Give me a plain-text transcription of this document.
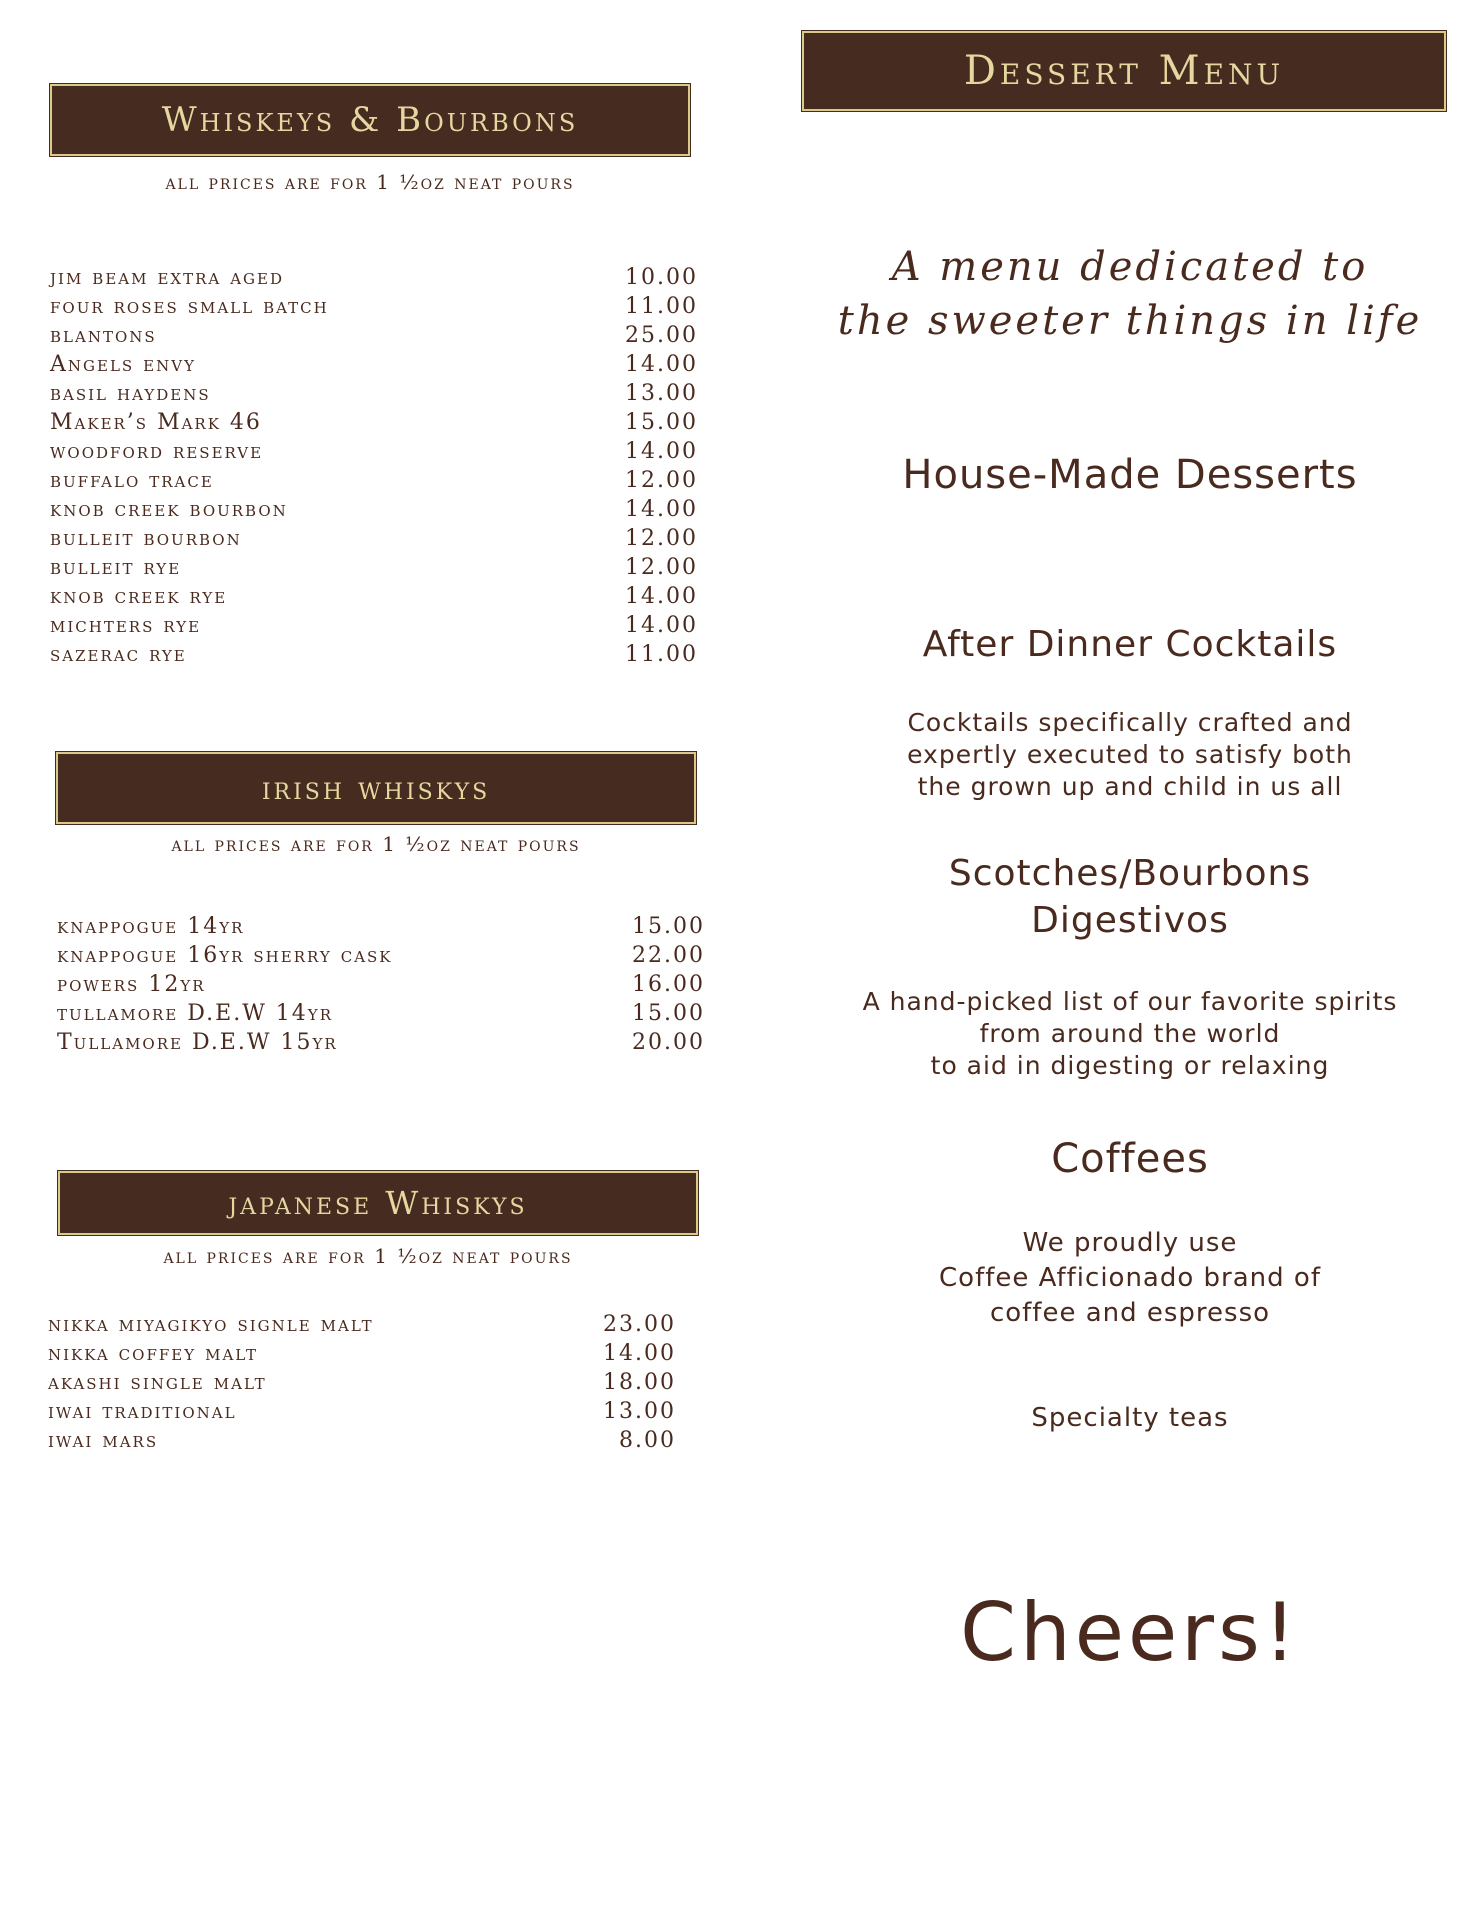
Whiskeys & Bourbons
all prices are for 1 ½oz neat pours
jim beam extra aged	10.00
four roses small batch	11.00
blantons	25.00
Angels envy	14.00
basil haydens	13.00
Maker’s Mark 46	15.00
woodford reserve	14.00
buffalo trace	12.00
knob creek bourbon	14.00
bulleit bourbon	12.00
bulleit rye	12.00
knob creek rye	14.00
michters rye	14.00
sazerac rye	11.00
irish whiskys
all prices are for 1 ½oz neat pours
knappogue 14yr	15.00
knappogue 16yr sherry cask	22.00
powers 12yr	16.00
tullamore D.E.W 14yr	15.00
Tullamore D.E.W 15yr	20.00
japanese Whiskys
all prices are for 1 ½oz neat pours
nikka miyagikyo signle malt	23.00
nikka coffey malt	14.00
akashi single malt	18.00
iwai traditional	13.00
iwai mars	8.00
Dessert Menu
A menu dedicated to
the sweeter things in life
House-Made Desserts
After Dinner Cocktails
Cocktails specifically crafted and
expertly executed to satisfy both
the grown up and child in us all
Scotches/Bourbons
Digestivos
A hand-picked list of our favorite spirits
from around the world
to aid in digesting or relaxing
Coffees
We proudly use
Coffee Afficionado brand of
coffee and espresso
Specialty teas
Cheers!
